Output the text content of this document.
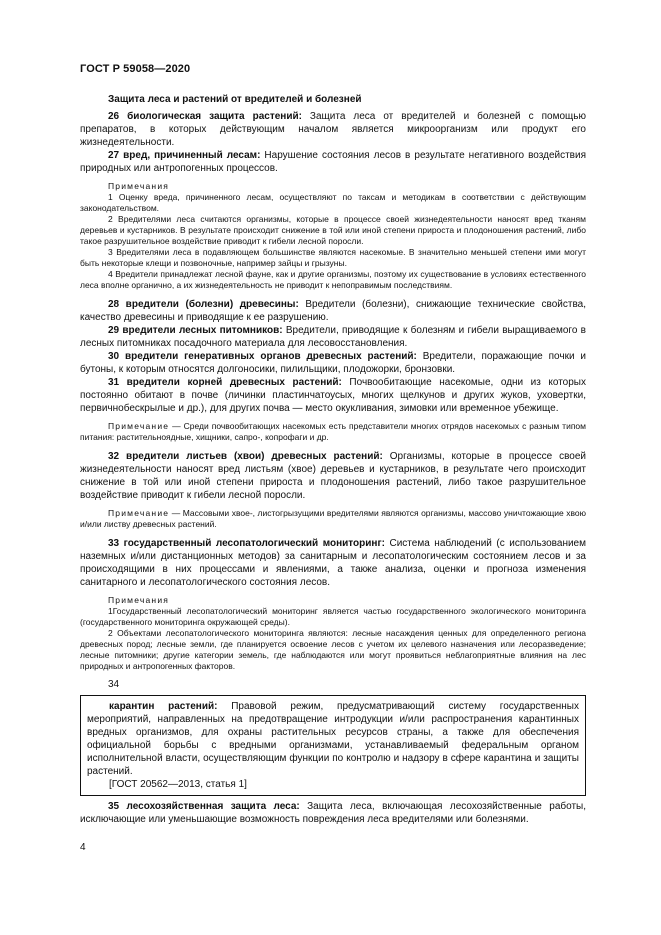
ГОСТ Р 59058—2020
Защита леса и растений от вредителей и болезней

26 биологическая защита растений: Защита леса от вредителей и болезней с помощью препаратов, в которых действующим началом является микроорганизм или продукт его жизнедеятельности.

27 вред, причиненный лесам: Нарушение состояния лесов в результате негативного воздействия природных или антропогенных процессов.

Примечания

1 Оценку вреда, причиненного лесам, осуществляют по таксам и методикам в соответствии с действующим законодательством.

2 Вредителями леса считаются организмы, которые в процессе своей жизнедеятельности наносят вред тканям деревьев и кустарников. В результате происходит снижение в той или иной степени прироста и плодоношения растений, либо такое разрушительное воздействие приводит к гибели лесной поросли.

3 Вредителями леса в подавляющем большинстве являются насекомые. В значительно меньшей степени ими могут быть некоторые клещи и позвоночные, например зайцы и грызуны.

4 Вредители принадлежат лесной фауне, как и другие организмы, поэтому их существование в условиях естественного леса вполне органично, а их жизнедеятельность не приводит к непоправимым последствиям.

28 вредители (болезни) древесины: Вредители (болезни), снижающие технические свойства, качество древесины и приводящие к ее разрушению.

29 вредители лесных питомников: Вредители, приводящие к болезням и гибели выращиваемого в лесных питомниках посадочного материала для лесовосстановления.

30 вредители генеративных органов древесных растений: Вредители, поражающие почки и бутоны, к которым относятся долгоносики, пилильщики, плодожорки, бронзовки.

31 вредители корней древесных растений: Почвообитающие насекомые, одни из которых постоянно обитают в почве (личинки пластинчатоусых, многих щелкунов и других жуков, уховертки, первичнобескрылые и др.), для других почва — место окукливания, зимовки или временное убежище.

Примечание — Среди почвообитающих насекомых есть представители многих отрядов насекомых с разным типом питания: растительноядные, хищники, сапро-, копрофаги и др.

32 вредители листьев (хвои) древесных растений: Организмы, которые в процессе своей жизнедеятельности наносят вред листьям (хвое) деревьев и кустарников, в результате чего происходит снижение в той или иной степени прироста и плодоношения растений, либо такое разрушительное воздействие приводит к гибели лесной поросли.

Примечание — Массовыми хвое-, листогрызущими вредителями являются организмы, массово уничтожающие хвою и/или листву древесных растений.

33 государственный лесопатологический мониторинг: Система наблюдений (с использованием наземных и/или дистанционных методов) за санитарным и лесопатологическим состоянием лесов и за происходящими в них процессами и явлениями, а также анализа, оценки и прогноза изменения санитарного и лесопатологического состояния лесов.

Примечания

1Государственный лесопатологический мониторинг является частью государственного экологического мониторинга (государственного мониторинга окружающей среды).

2 Объектами лесопатологического мониторинга являются: лесные насаждения ценных для определенного региона древесных пород; лесные земли, где планируется освоение лесов с учетом их целевого назначения или лесоразведение; лесные питомники; другие категории земель, где наблюдаются или могут проявиться неблагоприятные влияния на лес природных и антропогенных факторов.

34

карантин растений: Правовой режим, предусматривающий систему государственных мероприятий, направленных на предотвращение интродукции и/или распространения карантинных вредных организмов, для охраны растительных ресурсов страны, а также для обеспечения официальной борьбы с вредными организмами, устанавливаемый федеральным органом исполнительной власти, осуществляющим функции по контролю и надзору в сфере карантина и защиты растений.

[ГОСТ 20562—2013, статья 1]

35 лесохозяйственная защита леса: Защита леса, включающая лесохозяйственные работы, исключающие или уменьшающие возможность повреждения леса вредителями или болезнями.

4
